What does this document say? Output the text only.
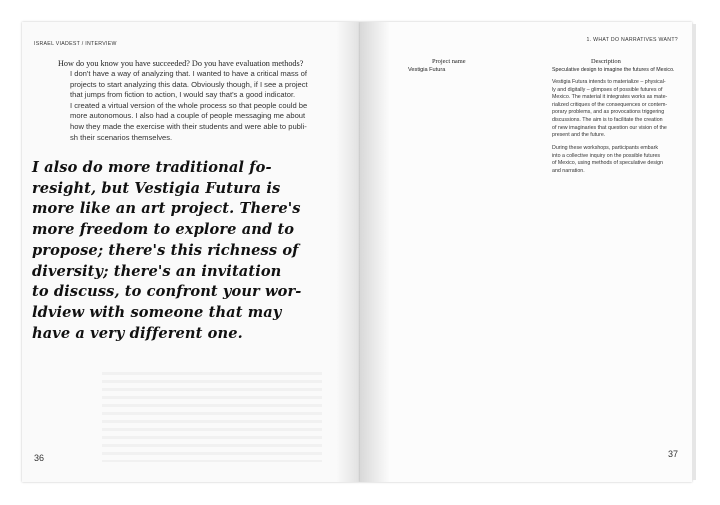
ISRAEL VIADEST / INTERVIEW
How do you know you have succeeded? Do you have evaluation methods?
I don't have a way of analyzing that. I wanted to have a critical mass of
projects to start analyzing this data. Obviously though, if I see a project
that jumps from fiction to action, I would say that's a good indicator.
I created a virtual version of the whole process so that people could be
more autonomous. I also had a couple of people messaging me about
how they made the exercise with their students and were able to publi-
sh their scenarios themselves.
I also do more traditional fo-
resight, but Vestigia Futura is
more like an art project. There's
more freedom to explore and to
propose; there's this richness of
diversity; there's an invitation
to discuss, to confront your wor-
ldview with someone that may
have a very different one.
36
1. WHAT DO NARRATIVES WANT?
Project name	Description
Vestigia Futura	Speculative design to imagine the futures of Mexico.
Vestigia Futura intends to materialize – physical-
ly and digitally – glimpses of possible futures of
Mexico. The material it integrates works as mate-
rialized critiques of the consequences or contem-
porary problems, and as provocations triggering
discussions. The aim is to facilitate the creation
of new imaginaries that question our vision of the
present and the future.
During these workshops, participants embark
into a collective inquiry on the possible futures
of Mexico, using methods of speculative design
and narration.
37
